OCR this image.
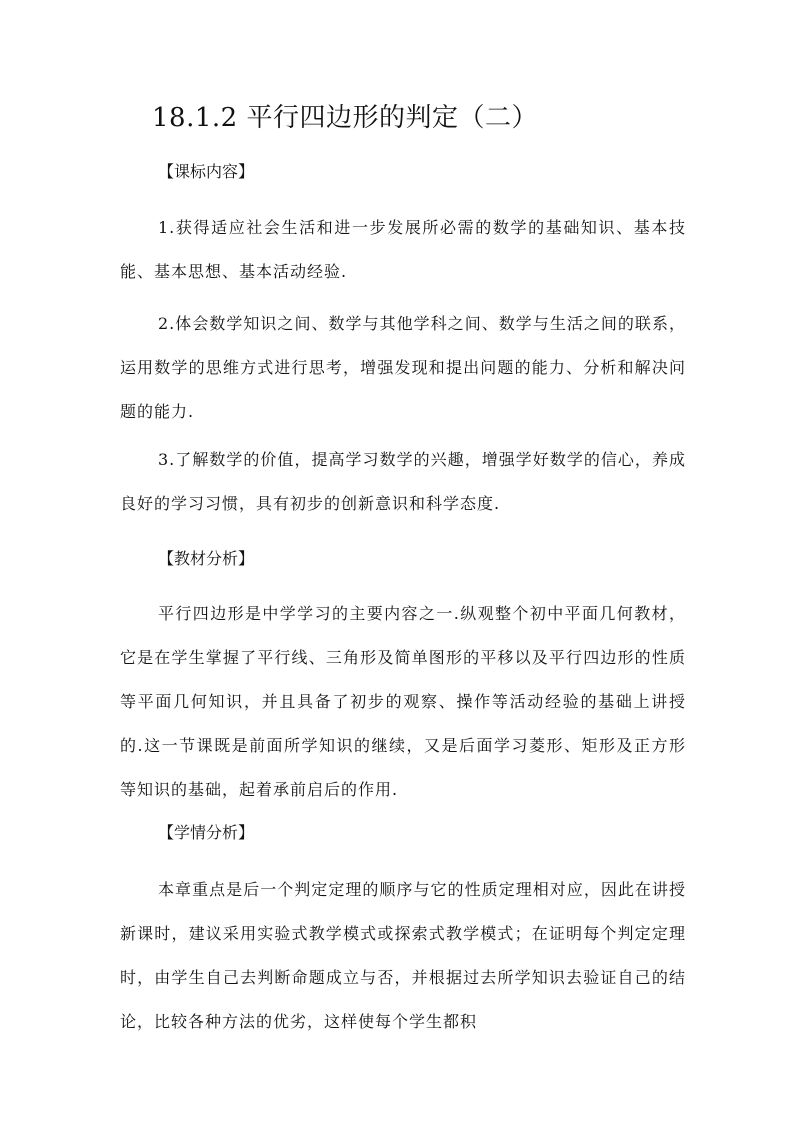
18.1.2 平行四边形的判定（二）
【课标内容】

1.获得适应社会生活和进一步发展所必需的数学的基础知识、基本技能、基本思想、基本活动经验.

2.体会数学知识之间、数学与其他学科之间、数学与生活之间的联系，运用数学的思维方式进行思考，增强发现和提出问题的能力、分析和解决问题的能力.

3.了解数学的价值，提高学习数学的兴趣，增强学好数学的信心，养成良好的学习习惯，具有初步的创新意识和科学态度.

【教材分析】

平行四边形是中学学习的主要内容之一.纵观整个初中平面几何教材，它是在学生掌握了平行线、三角形及简单图形的平移以及平行四边形的性质等平面几何知识，并且具备了初步的观察、操作等活动经验的基础上讲授的.这一节课既是前面所学知识的继续，又是后面学习菱形、矩形及正方形等知识的基础，起着承前启后的作用.

【学情分析】

本章重点是后一个判定定理的顺序与它的性质定理相对应，因此在讲授新课时，建议采用实验式教学模式或探索式教学模式；在证明每个判定定理时，由学生自己去判断命题成立与否，并根据过去所学知识去验证自己的结论，比较各种方法的优劣，这样使每个学生都积
